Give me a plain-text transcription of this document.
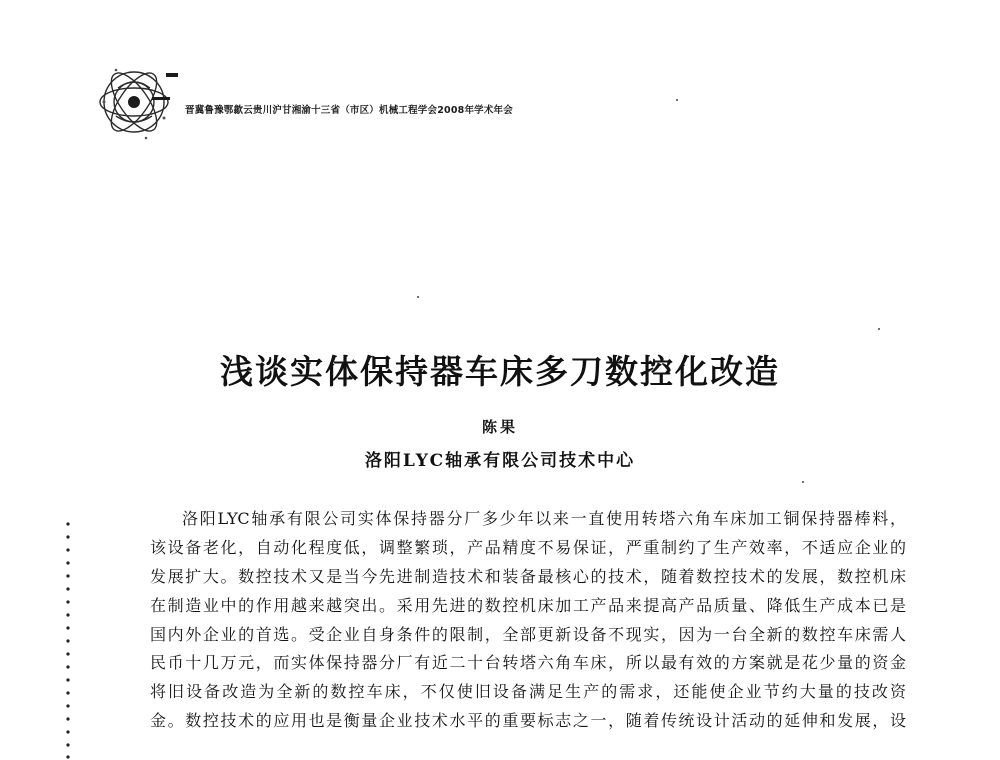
晋冀鲁豫鄂歙云贵川沪甘湘渝十三省（市区）机械工程学会2008年学术年会
浅谈实体保持器车床多刀数控化改造
陈果
洛阳LYC轴承有限公司技术中心
洛阳LYC轴承有限公司实体保持器分厂多少年以来一直使用转塔六角车床加工铜保持器棒料，
该设备老化，自动化程度低，调整繁琐，产品精度不易保证，严重制约了生产效率，不适应企业的
发展扩大。数控技术又是当今先进制造技术和装备最核心的技术，随着数控技术的发展，数控机床
在制造业中的作用越来越突出。采用先进的数控机床加工产品来提高产品质量、降低生产成本已是
国内外企业的首选。受企业自身条件的限制，全部更新设备不现实，因为一台全新的数控车床需人
民币十几万元，而实体保持器分厂有近二十台转塔六角车床，所以最有效的方案就是花少量的资金
将旧设备改造为全新的数控车床，不仅使旧设备满足生产的需求，还能使企业节约大量的技改资
金。数控技术的应用也是衡量企业技术水平的重要标志之一，随着传统设计活动的延伸和发展，设
